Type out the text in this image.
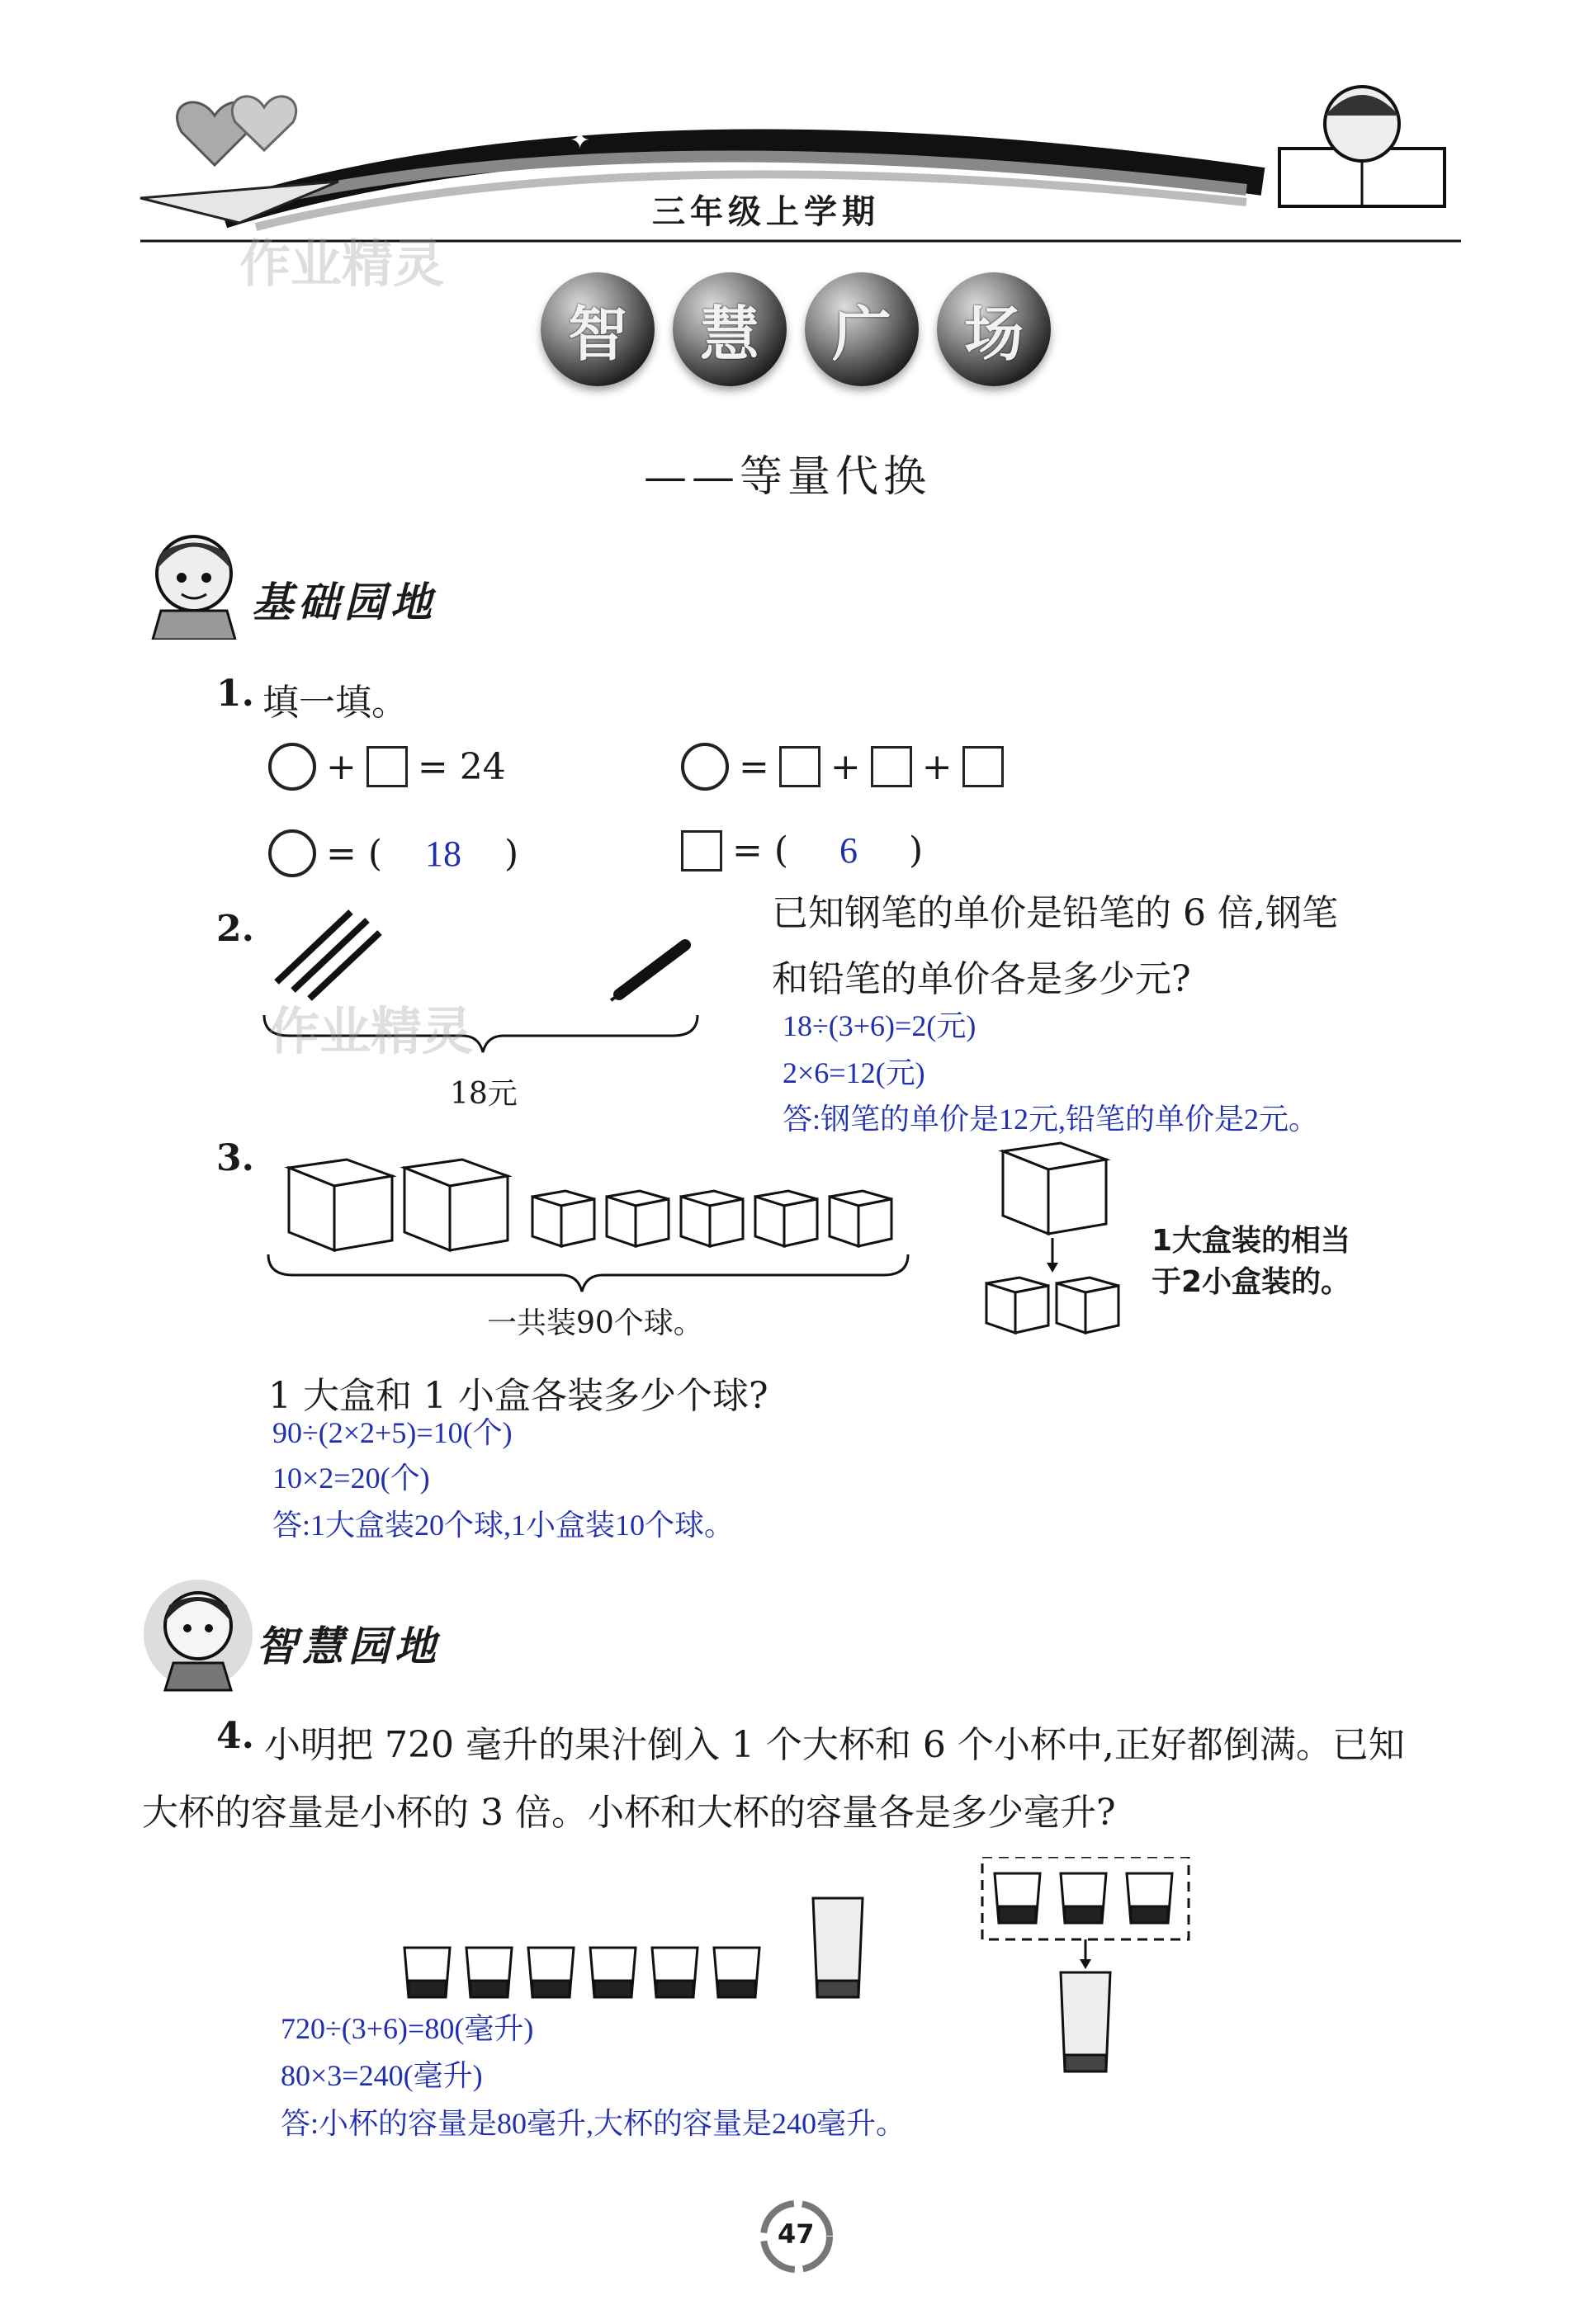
✦	✦
三年级上学期
作业精灵
智 慧 广 场
——等量代换
基础园地
1. 填一填。
+ = 24	= + +
= ( 18 )	= ( 6 )
2.
作业精灵
18元
已知钢笔的单价是铅笔的 6 倍,钢笔
和铅笔的单价各是多少元?
18÷(3+6)=2(元)
2×6=12(元)
答:钢笔的单价是12元,铅笔的单价是2元。
3.
一共装90个球。
1大盒装的相当
于2小盒装的。
1 大盒和 1 小盒各装多少个球?
90÷(2×2+5)=10(个)
10×2=20(个)
答:1大盒装20个球,1小盒装10个球。
智慧园地
4. 小明把 720 毫升的果汁倒入 1 个大杯和 6 个小杯中,正好都倒满。已知
大杯的容量是小杯的 3 倍。小杯和大杯的容量各是多少毫升?
720÷(3+6)=80(毫升)
80×3=240(毫升)
答:小杯的容量是80毫升,大杯的容量是240毫升。
47
